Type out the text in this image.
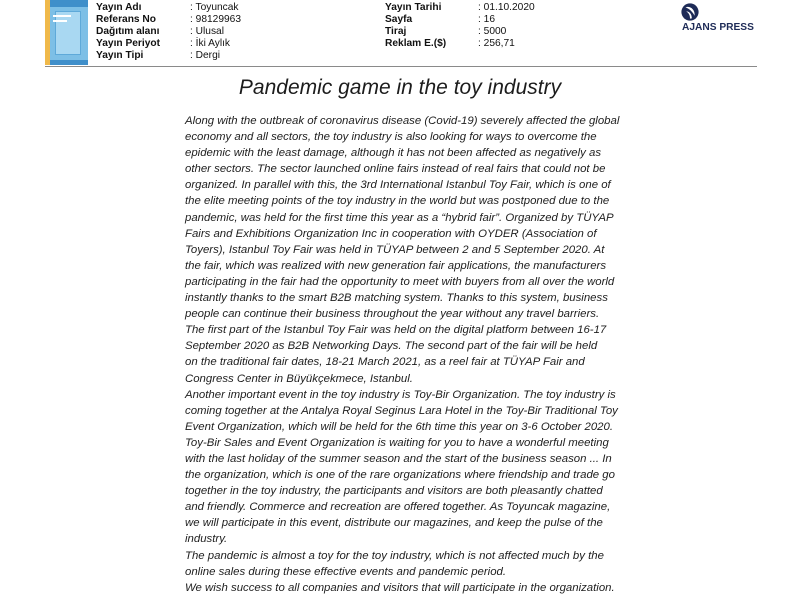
Yayın Adı	: Toyuncak
Referans No	: 98129963
Dağıtım alanı	: Ulusal
Yayın Periyot	: İki Aylık
Yayın Tipi	: Dergi
Yayın Tarihi	: 01.10.2020
Sayfa	: 16
Tiraj	: 5000
Reklam E.($)	: 256,71
AJANS PRESS
Pandemic game in the toy industry
Along with the outbreak of coronavirus disease (Covid-19) severely affected the global
economy and all sectors, the toy industry is also looking for ways to overcome the
epidemic with the least damage, although it has not been affected as negatively as
other sectors. The sector launched online fairs instead of real fairs that could not be
organized. In parallel with this, the 3rd International Istanbul Toy Fair, which is one of
the elite meeting points of the toy industry in the world but was postponed due to the
pandemic, was held for the first time this year as a “hybrid fair”. Organized by TÜYAP
Fairs and Exhibitions Organization Inc in cooperation with OYDER (Association of
Toyers), Istanbul Toy Fair was held in TÜYAP between 2 and 5 September 2020. At
the fair, which was realized with new generation fair applications, the manufacturers
participating in the fair had the opportunity to meet with buyers from all over the world
instantly thanks to the smart B2B matching system. Thanks to this system, business
people can continue their business throughout the year without any travel barriers.
The first part of the Istanbul Toy Fair was held on the digital platform between 16-17
September 2020 as B2B Networking Days. The second part of the fair will be held
on the traditional fair dates, 18-21 March 2021, as a reel fair at TÜYAP Fair and
Congress Center in Büyükçekmece, Istanbul.
Another important event in the toy industry is Toy-Bir Organization. The toy industry is
coming together at the Antalya Royal Seginus Lara Hotel in the Toy-Bir Traditional Toy
Event Organization, which will be held for the 6th time this year on 3-6 October 2020.
Toy-Bir Sales and Event Organization is waiting for you to have a wonderful meeting
with the last holiday of the summer season and the start of the business season ... In
the organization, which is one of the rare organizations where friendship and trade go
together in the toy industry, the participants and visitors are both pleasantly chatted
and friendly. Commerce and recreation are offered together. As Toyuncak magazine,
we will participate in this event, distribute our magazines, and keep the pulse of the
industry.
The pandemic is almost a toy for the toy industry, which is not affected much by the
online sales during these effective events and pandemic period.
We wish success to all companies and visitors that will participate in the organization.
